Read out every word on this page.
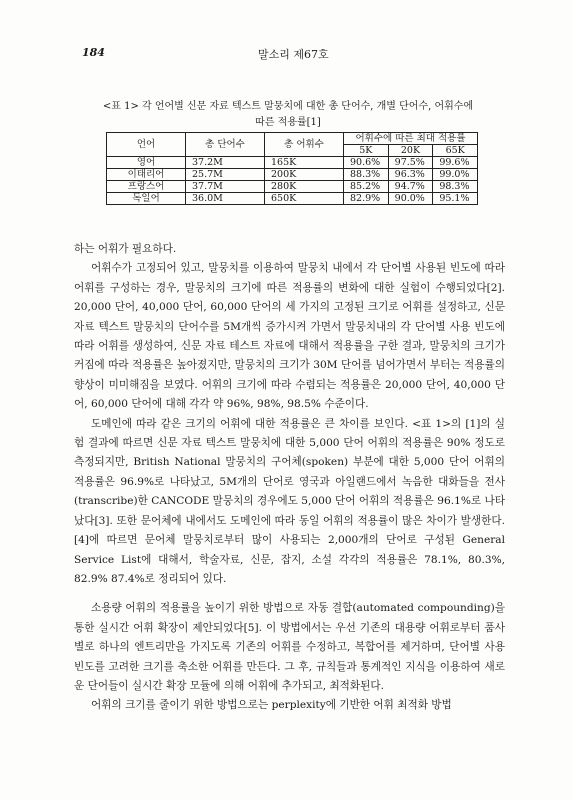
184	말소리 제67호
<표 1> 각 언어별 신문 자료 텍스트 말뭉치에 대한 총 단어수, 개별 단어수, 어휘수에
따른 적용률[1]
언어	총 단어수	총 어휘수	어휘수에 따른 최대 적용률		
			5K	20K	65K
영어	37.2M	165K	90.6%	97.5%	99.6%
이태리어	25.7M	200K	88.3%	96.3%	99.0%
프랑스어	37.7M	280K	85.2%	94.7%	98.3%
독일어	36.0M	650K	82.9%	90.0%	95.1%

하는 어휘가 필요하다.

어휘수가 고정되어 있고, 말뭉치를 이용하여 말뭉치 내에서 각 단어별 사용된 빈도에 따라 어휘를 구성하는 경우, 말뭉치의 크기에 따른 적용률의 변화에 대한 실험이 수행되었다[2]. 20,000 단어, 40,000 단어, 60,000 단어의 세 가지의 고정된 크기로 어휘를 설정하고, 신문 자료 텍스트 말뭉치의 단어수를 5M개씩 증가시켜 가면서 말뭉치내의 각 단어별 사용 빈도에 따라 어휘를 생성하여, 신문 자료 테스트 자료에 대해서 적용률을 구한 결과, 말뭉치의 크기가 커짐에 따라 적용률은 높아졌지만, 말뭉치의 크기가 30M 단어를 넘어가면서 부터는 적용률의 향상이 미미해짐을 보였다. 어휘의 크기에 따라 수렴되는 적용률은 20,000 단어, 40,000 단어, 60,000 단어에 대해 각각 약 96%, 98%, 98.5% 수준이다.

도메인에 따라 같은 크기의 어휘에 대한 적용률은 큰 차이를 보인다. <표 1>의 [1]의 실험 결과에 따르면 신문 자료 텍스트 말뭉치에 대한 5,000 단어 어휘의 적용률은 90% 정도로 측정되지만, British National 말뭉치의 구어체(spoken) 부분에 대한 5,000 단어 어휘의 적용률은 96.9%로 나타났고, 5M개의 단어로 영국과 아일랜드에서 녹음한 대화들을 전사(transcribe)한 CANCODE 말뭉치의 경우에도 5,000 단어 어휘의 적용률은 96.1%로 나타났다[3]. 또한 문어체에 내에서도 도메인에 따라 동일 어휘의 적용률이 많은 차이가 발생한다. [4]에 따르면 문어체 말뭉치로부터 많이 사용되는 2,000개의 단어로 구성된 General Service List에 대해서, 학술자료, 신문, 잡지, 소설 각각의 적용률은 78.1%, 80.3%, 82.9% 87.4%로 정리되어 있다.

소용량 어휘의 적용률을 높이기 위한 방법으로 자동 결합(automated compounding)을 통한 실시간 어휘 확장이 제안되었다[5]. 이 방법에서는 우선 기존의 대용량 어휘로부터 품사별로 하나의 엔트리만을 가지도록 기존의 어휘를 수정하고, 복합어를 제거하며, 단어별 사용 빈도를 고려한 크기를 축소한 어휘를 만든다. 그 후, 규칙들과 통계적인 지식을 이용하여 새로운 단어들이 실시간 확장 모듈에 의해 어휘에 추가되고, 최적화된다.

어휘의 크기를 줄이기 위한 방법으로는 perplexity에 기반한 어휘 최적화 방법
